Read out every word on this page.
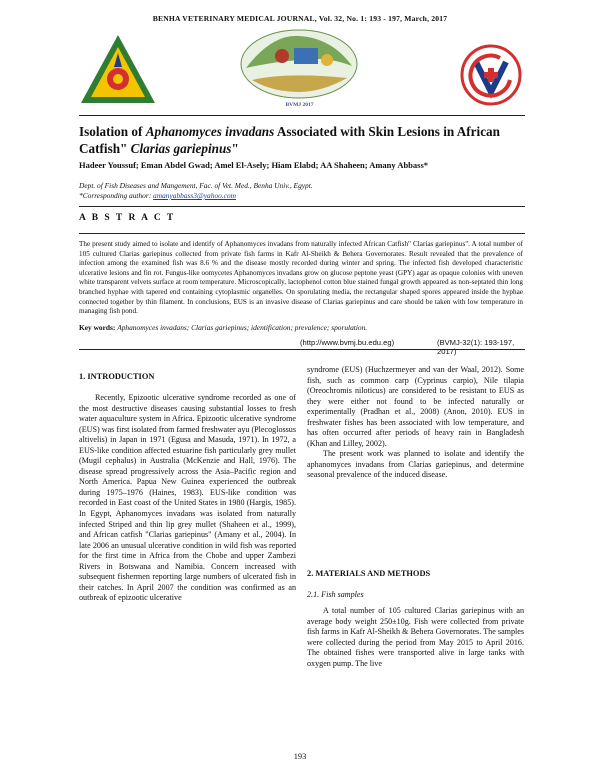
BENHA VETERINARY MEDICAL JOURNAL, Vol. 32, No. 1: 193 - 197, March, 2017
BVMJ 2017
Isolation of Aphanomyces invadans Associated with Skin Lesions in African Catfish" Clarias gariepinus"
Hadeer Youssuf; Eman Abdel Gwad; Amel El-Asely; Hiam Elabd; AA Shaheen; Amany Abbass*
Dept. of Fish Diseases and Mangement, Fac. of Vet. Med., Benha Univ., Egypt.
*Corresponding author: amanyabbass3@yahoo.com
A B S T R A C T
The present study aimed to isolate and identify of Aphanomyces invadans from naturally infected African Catfish" Clarias gariepinus". A total number of 105 cultured Clarias gariepinus collected from private fish farms in Kafr Al-Sheikh & Behera Governorates. Result revealed that the prevalence of infection among the examined fish was 8.6 % and the disease mostly recorded during winter and spring. The infected fish developed characteristic ulcerative lesions and fin rot. Fungus-like oomycetes Aphanomyces invadans grow on glucose peptone yeast (GPY) agar as opaque colonies with uneven white transparent velvets surface at room temperature. Microscopically, lactophenol cotton blue stained fungal growth appeared as non-septated thin long branched hyphae with tapered end containing cytoplasmic organelles. On sporulating media, the rectangular shaped spores appeared inside the hyphae connected together by thin filament. In conclusions, EUS is an invasive disease of Clarias gariepinus and care should be taken with low temperature in managing fish pond.
Key words: Aphanomyces invadans; Clarias gariepinus; identification; prevalence; sporulation.
(http://www.bvmj.bu.edu.eg)	(BVMJ-32(1): 193-197, 2017)
1. INTRODUCTION

Recently, Epizootic ulcerative syndrome recorded as one of the most destructive diseases causing substantial losses to fresh water aquaculture system in Africa. Epizootic ulcerative syndrome (EUS) was first isolated from farmed freshwater ayu (Plecoglossus altivelis) in Japan in 1971 (Egusa and Masuda, 1971). In 1972, a EUS-like condition affected estuarine fish particularly grey mullet (Mugil cephalus) in Australia (McKenzie and Hall, 1976). The disease spread progressively across the Asia–Pacific region and North America. Papua New Guinea experienced the outbreak during 1975–1976 (Haines, 1983). EUS-like condition was recorded in East coast of the United States in 1980 (Hargis, 1985). In Egypt, Aphanomyces invadans was isolated from naturally infected Striped and thin lip grey mullet (Shaheen et al., 1999), and African catfish "Clarias gariepinus" (Amany et al., 2004). In late 2006 an unusual ulcerative condition in wild fish was reported for the first time in Africa from the Chobe and upper Zambezi Rivers in Botswana and Namibia. Concern increased with subsequent fishermen reporting large numbers of ulcerated fish in their catches. In April 2007 the condition was confirmed as an outbreak of epizootic ulcerative

syndrome (EUS) (Huchzermeyer and van der Waal, 2012). Some fish, such as common carp (Cyprinus carpio), Nile tilapia (Oreochromis niloticus) are considered to be resistant to EUS as they were either not found to be infected naturally or experimentally (Pradhan et al., 2008) (Anon, 2010). EUS in freshwater fishes has been associated with low temperature, and has often occurred after periods of heavy rain in Bangladesh (Khan and Lilley, 2002).

The present work was planned to isolate and identify the aphanomyces invadans from Clarias gariepinus, and determine seasonal prevalence of the induced disease.

2. MATERIALS AND METHODS
2.1. Fish samples

A total number of 105 cultured Clarias gariepinus with an average body weight 250±10g. Fish were collected from private fish farms in Kafr Al-Sheikh & Behera Governorates. The samples were collected during the period from May 2015 to April 2016. The obtained fishes were transported alive in large tanks with oxygen pump. The live

193
